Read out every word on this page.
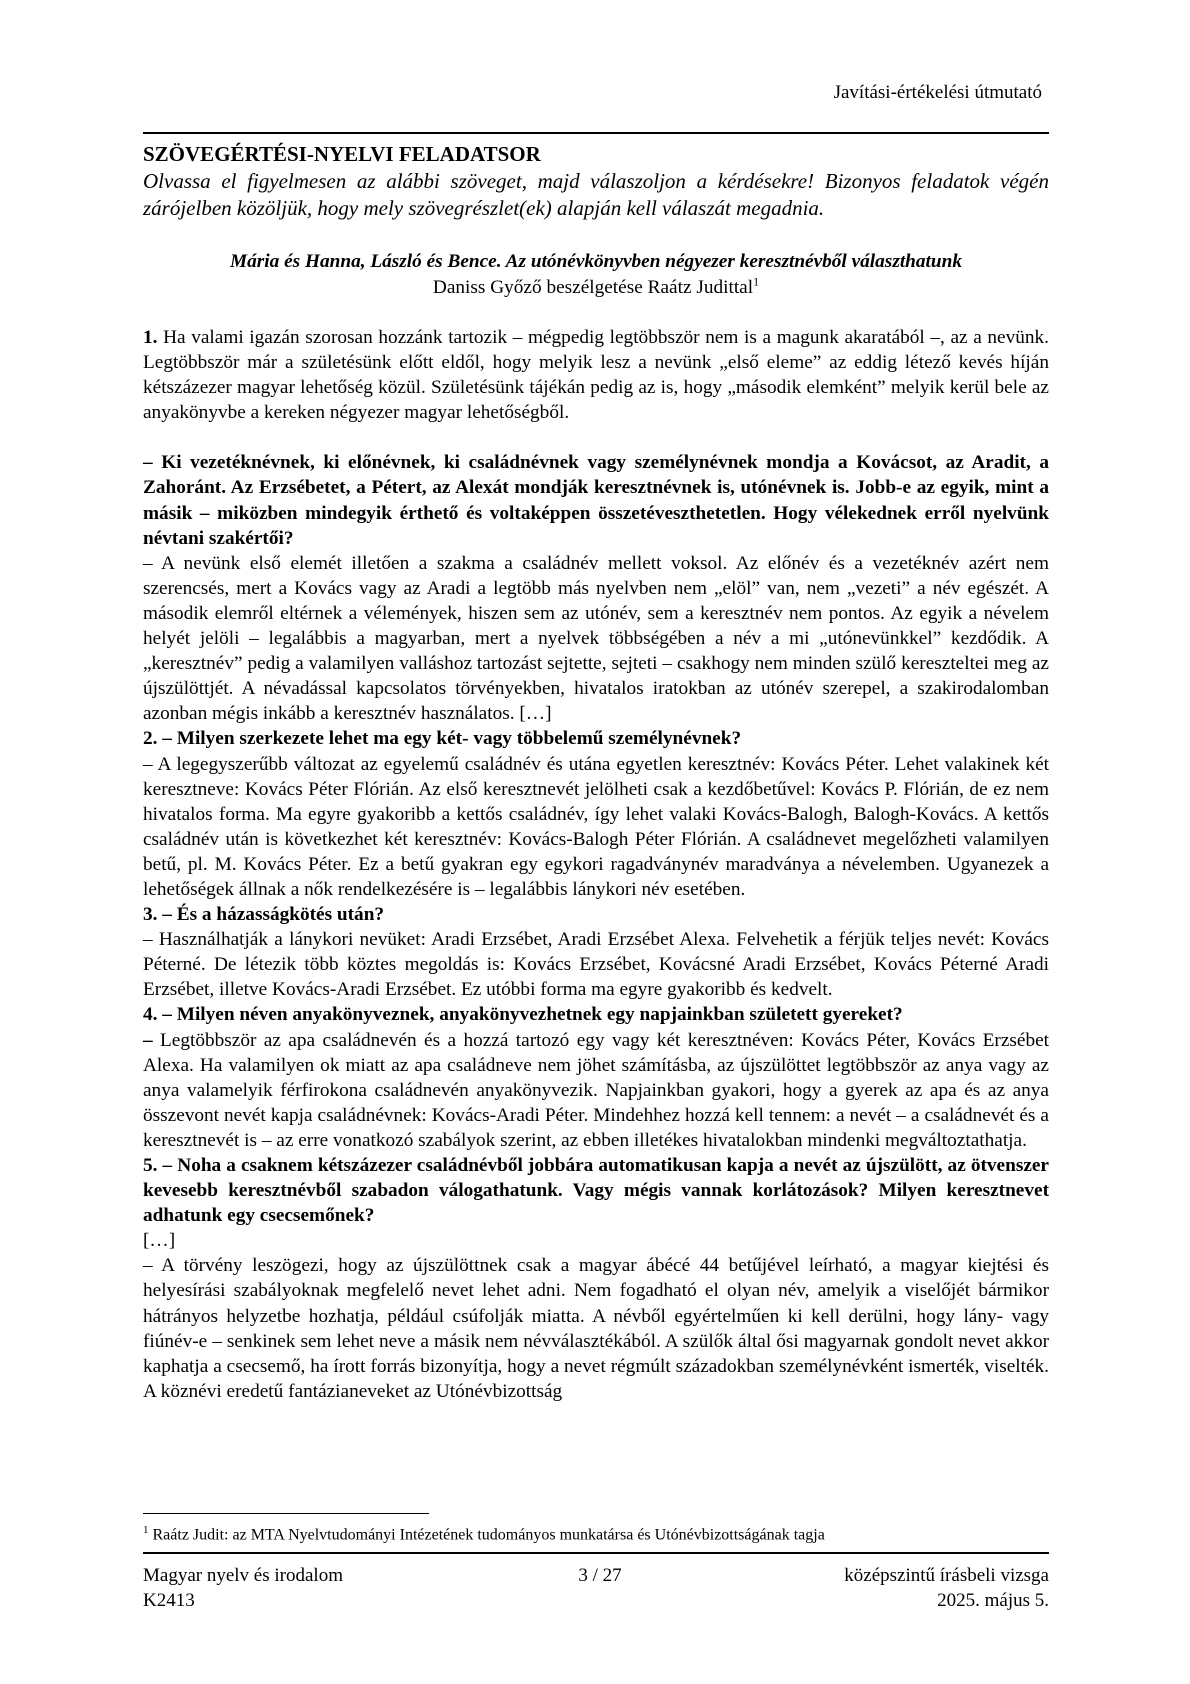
Javítási-értékelési útmutató

SZÖVEGÉRTÉSI-NYELVI FELADATSOR

Olvassa el figyelmesen az alábbi szöveget, majd válaszoljon a kérdésekre! Bizonyos feladatok végén zárójelben közöljük, hogy mely szövegrészlet(ek) alapján kell válaszát megadnia.

Mária és Hanna, László és Bence. Az utónévkönyvben négyezer keresztnévből választhatunk

Daniss Győző beszélgetése Raátz Judittal$^1$

1. Ha valami igazán szorosan hozzánk tartozik – mégpedig legtöbbször nem is a magunk akaratából –, az a nevünk. Legtöbbször már a születésünk előtt eldől, hogy melyik lesz a nevünk „első eleme” az eddig létező kevés híján kétszázezer magyar lehetőség közül. Születésünk tájékán pedig az is, hogy „második elemként” melyik kerül bele az anyakönyvbe a kereken négyezer magyar lehetőségből.

– Ki vezetéknévnek, ki előnévnek, ki családnévnek vagy személynévnek mondja a Kovácsot, az Aradit, a Zahoránt. Az Erzsébetet, a Pétert, az Alexát mondják keresztnévnek is, utónévnek is. Jobb-e az egyik, mint a másik – miközben mindegyik érthető és voltaképpen összetéveszthetetlen. Hogy vélekednek erről nyelvünk névtani szakértői?

– A nevünk első elemét illetően a szakma a családnév mellett voksol. Az előnév és a vezetéknév azért nem szerencsés, mert a Kovács vagy az Aradi a legtöbb más nyelvben nem „elöl” van, nem „vezeti” a név egészét. A második elemről eltérnek a vélemények, hiszen sem az utónév, sem a keresztnév nem pontos. Az egyik a névelem helyét jelöli – legalábbis a magyarban, mert a nyelvek többségében a név a mi „utónevünkkel” kezdődik. A „keresztnév” pedig a valamilyen valláshoz tartozást sejtette, sejteti – csakhogy nem minden szülő kereszteltei meg az újszülöttjét. A névadással kapcsolatos törvényekben, hivatalos iratokban az utónév szerepel, a szakirodalomban azonban mégis inkább a keresztnév használatos. […]

2. – Milyen szerkezete lehet ma egy két- vagy többelemű személynévnek?

– A legegyszerűbb változat az egyelemű családnév és utána egyetlen keresztnév: Kovács Péter. Lehet valakinek két keresztneve: Kovács Péter Flórián. Az első keresztnevét jelölheti csak a kezdőbetűvel: Kovács P. Flórián, de ez nem hivatalos forma. Ma egyre gyakoribb a kettős családnév, így lehet valaki Kovács-Balogh, Balogh-Kovács. A kettős családnév után is következhet két keresztnév: Kovács-Balogh Péter Flórián. A családnevet megelőzheti valamilyen betű, pl. M. Kovács Péter. Ez a betű gyakran egy egykori ragadványnév maradványa a névelemben. Ugyanezek a lehetőségek állnak a nők rendelkezésére is – legalábbis lánykori név esetében.

3. – És a házasságkötés után?

– Használhatják a lánykori nevüket: Aradi Erzsébet, Aradi Erzsébet Alexa. Felvehetik a férjük teljes nevét: Kovács Péterné. De létezik több köztes megoldás is: Kovács Erzsébet, Kovácsné Aradi Erzsébet, Kovács Péterné Aradi Erzsébet, illetve Kovács-Aradi Erzsébet. Ez utóbbi forma ma egyre gyakoribb és kedvelt.

4. – Milyen néven anyakönyveznek, anyakönyvezhetnek egy napjainkban született gyereket?

– Legtöbbször az apa családnevén és a hozzá tartozó egy vagy két keresztnéven: Kovács Péter, Kovács Erzsébet Alexa. Ha valamilyen ok miatt az apa családneve nem jöhet számításba, az újszülöttet legtöbbször az anya vagy az anya valamelyik férfirokona családnevén anyakönyvezik. Napjainkban gyakori, hogy a gyerek az apa és az anya összevont nevét kapja családnévnek: Kovács-Aradi Péter. Mindehhez hozzá kell tennem: a nevét – a családnevét és a keresztnevét is – az erre vonatkozó szabályok szerint, az ebben illetékes hivatalokban mindenki megváltoztathatja.

5. – Noha a csaknem kétszázezer családnévből jobbára automatikusan kapja a nevét az újszülött, az ötvenszer kevesebb keresztnévből szabadon válogathatunk. Vagy mégis vannak korlátozások? Milyen keresztnevet adhatunk egy csecsemőnek?

[…]

– A törvény leszögezi, hogy az újszülöttnek csak a magyar ábécé 44 betűjével leírható, a magyar kiejtési és helyesírási szabályoknak megfelelő nevet lehet adni. Nem fogadható el olyan név, amelyik a viselőjét bármikor hátrányos helyzetbe hozhatja, például csúfolják miatta. A névből egyértelműen ki kell derülni, hogy lány- vagy fiúnév-e – senkinek sem lehet neve a másik nem névválasztékából. A szülők által ősi magyarnak gondolt nevet akkor kaphatja a csecsemő, ha írott forrás bizonyítja, hogy a nevet régmúlt századokban személynévként ismerték, viselték. A köznévi eredetű fantázianeveket az Utónévbizottság

$^1$ Raátz Judit: az MTA Nyelvtudományi Intézetének tudományos munkatársa és Utónévbizottságának tagja
Magyar nyelv és irodalom
K2413
3 / 27	középszintű írásbeli vizsga
2025. május 5.
